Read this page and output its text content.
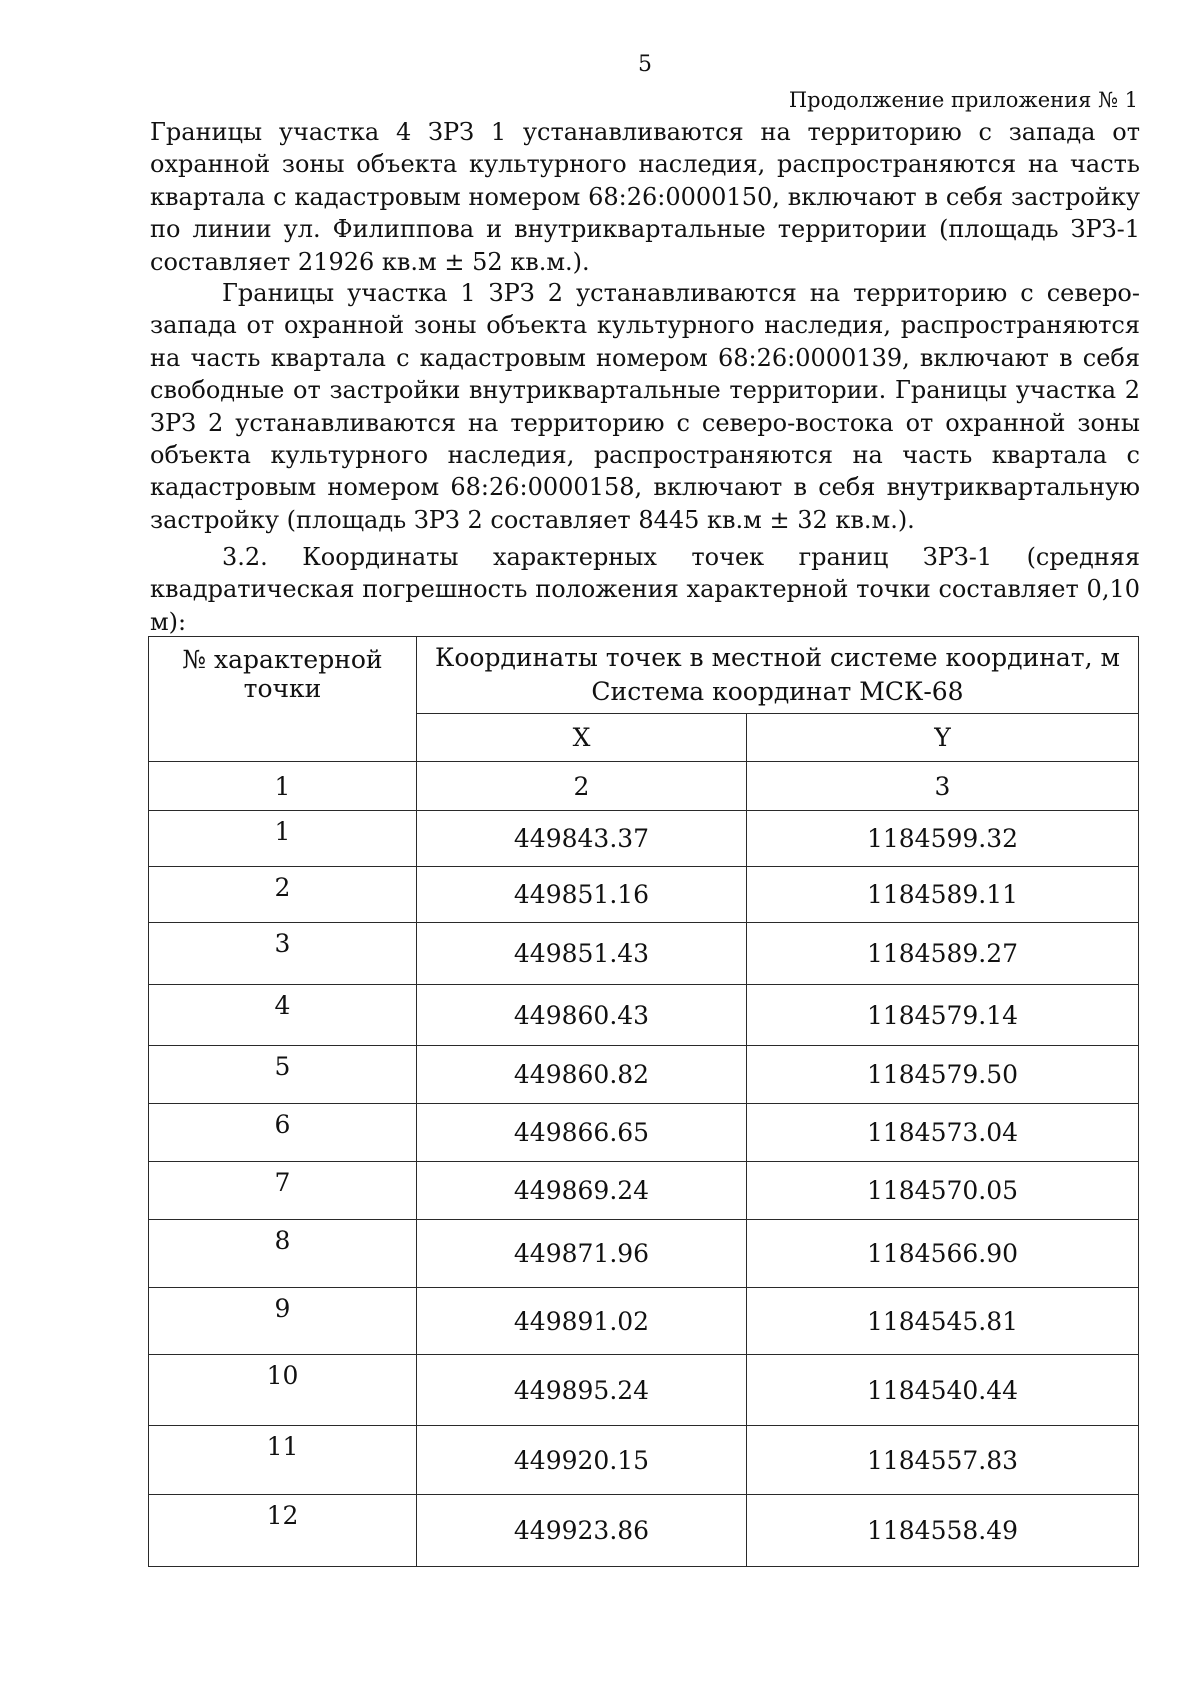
5
Продолжение приложения № 1

Границы участка 4 ЗРЗ 1 устанавливаются на территорию с запада от охранной зоны объекта культурного наследия, распространяются на часть квартала с кадастровым номером 68:26:0000150, включают в себя застройку по линии ул. Филиппова и внутриквартальные территории (площадь ЗРЗ-1 составляет 21926 кв.м ± 52 кв.м.).

Границы участка 1 ЗРЗ 2 устанавливаются на территорию с северо-запада от охранной зоны объекта культурного наследия, распространяются на часть квартала с кадастровым номером 68:26:0000139, включают в себя свободные от застройки внутриквартальные территории. Границы участка 2 ЗРЗ 2 устанавливаются на территорию с северо-востока от охранной зоны объекта культурного наследия, распространяются на часть квартала с кадастровым номером 68:26:0000158, включают в себя внутриквартальную застройку (площадь ЗРЗ 2 составляет 8445 кв.м ± 32 кв.м.).

3.2. Координаты характерных точек границ ЗРЗ-1 (средняя квадратическая погрешность положения характерной точки составляет 0,10 м):

№ характерной точки	Координаты точек в местной системе координат, м
Система координат МСК-68	

	X	Y
1	2	3
1	449843.37	1184599.32
2	449851.16	1184589.11
3	449851.43	1184589.27
4	449860.43	1184579.14
5	449860.82	1184579.50
6	449866.65	1184573.04
7	449869.24	1184570.05
8	449871.96	1184566.90
9	449891.02	1184545.81
10	449895.24	1184540.44
11	449920.15	1184557.83
12	449923.86	1184558.49
